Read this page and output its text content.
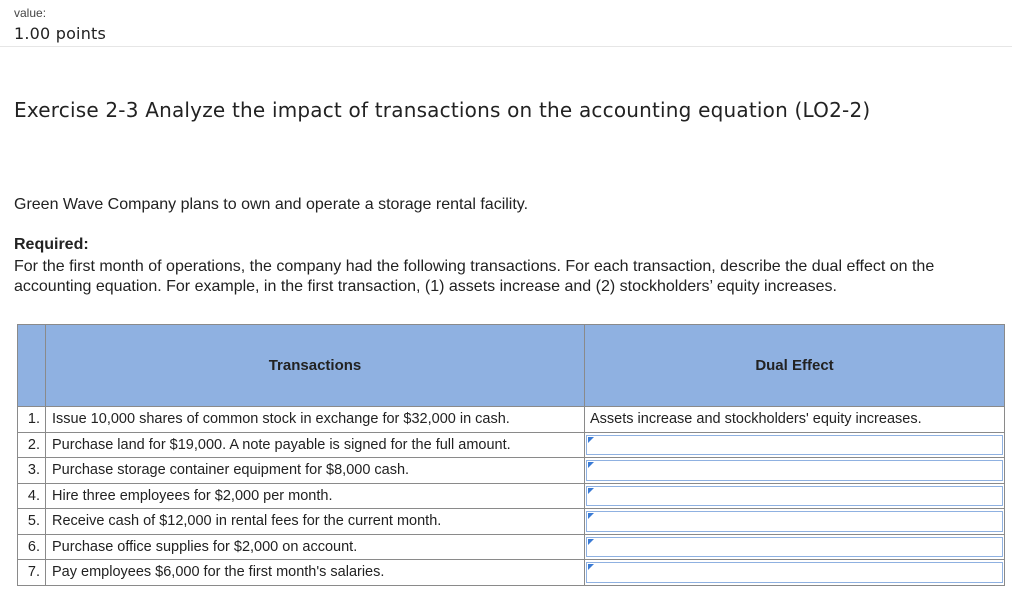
value:
1.00 points
Exercise 2-3 Analyze the impact of transactions on the accounting equation (LO2-2)
Green Wave Company plans to own and operate a storage rental facility.
Required:
For the first month of operations, the company had the following transactions. For each transaction, describe the dual effect on the accounting equation. For example, in the first transaction, (1) assets increase and (2) stockholders’ equity increases.
	Transactions	Dual Effect
1.	Issue 10,000 shares of common stock in exchange for $32,000 in cash.	Assets increase and stockholders' equity increases.
2.	Purchase land for $19,000. A note payable is signed for the full amount.	

3.	Purchase storage container equipment for $8,000 cash.	

4.	Hire three employees for $2,000 per month.	

5.	Receive cash of $12,000 in rental fees for the current month.	

6.	Purchase office supplies for $2,000 on account.	

7.	Pay employees $6,000 for the first month's salaries.	
